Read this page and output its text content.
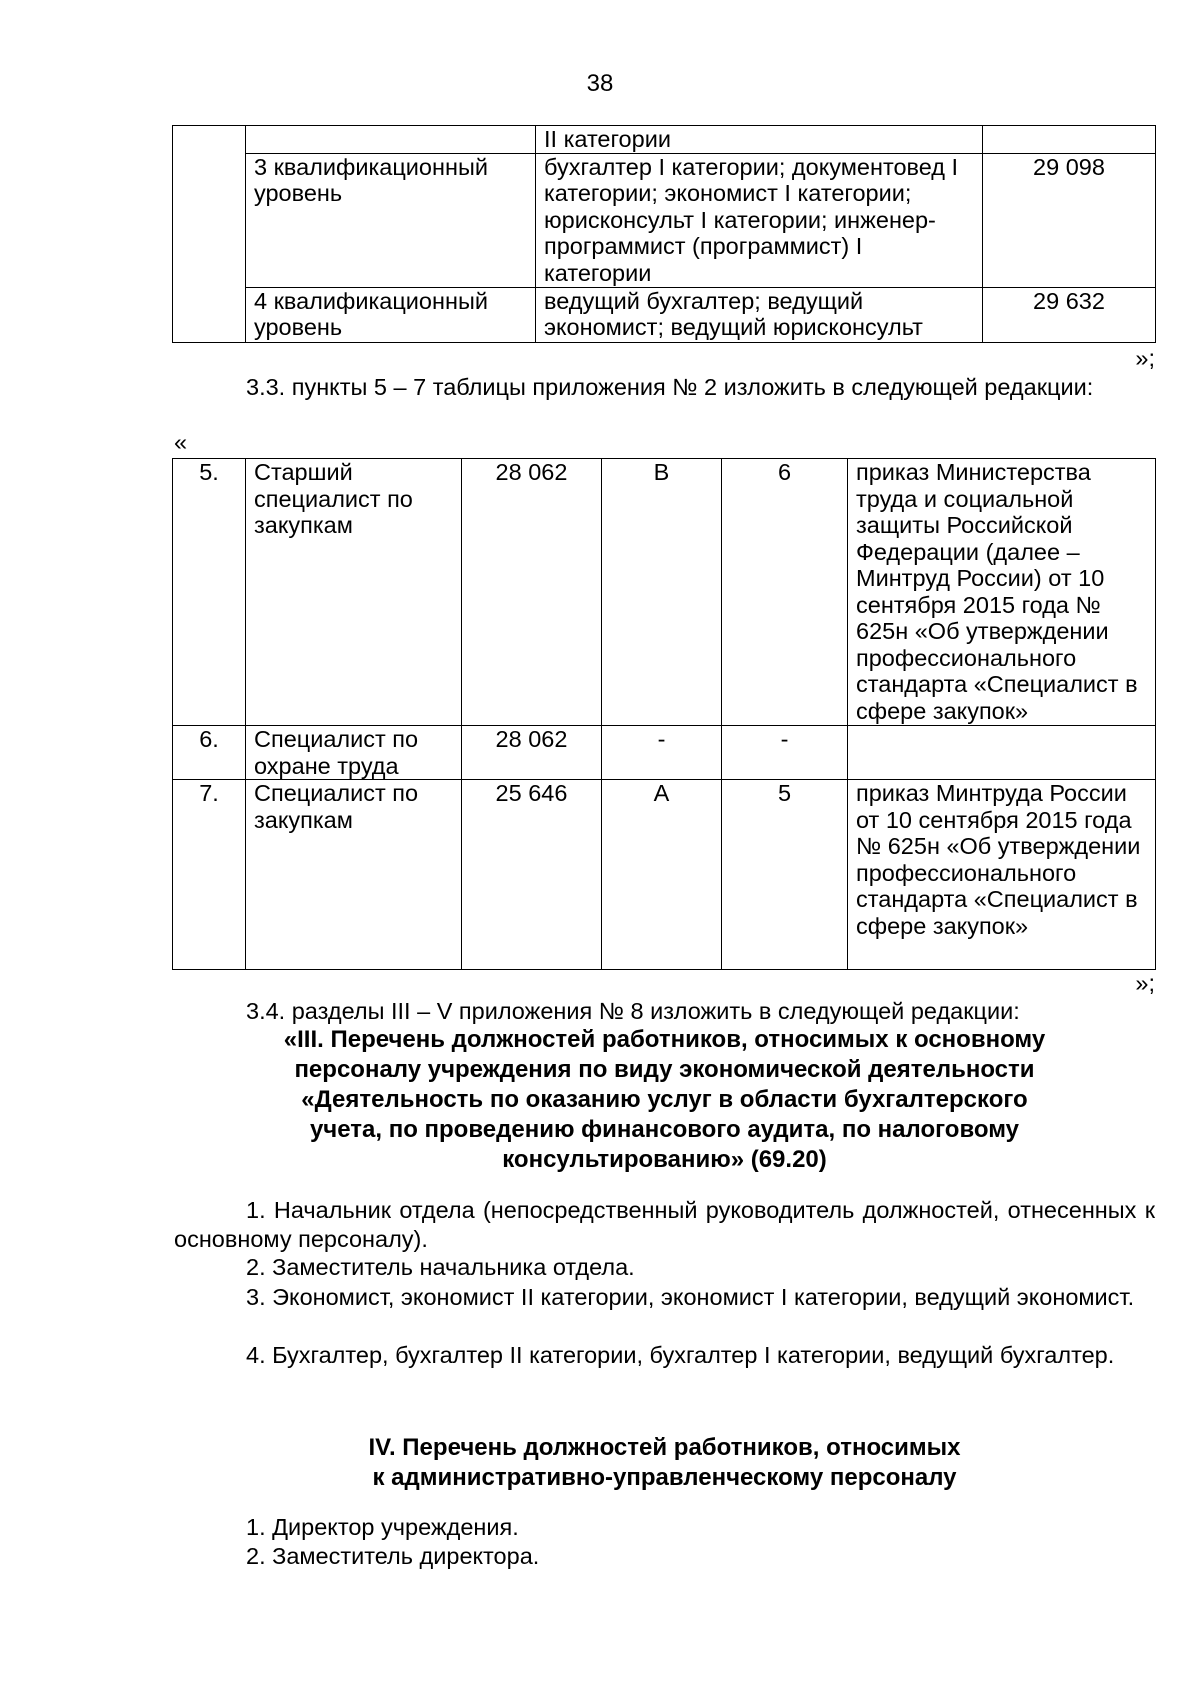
38
		II категории	
	3 квалификационный уровень	бухгалтер I категории; документовед I категории; экономист I категории; юрисконсульт I категории; инженер-программист (программист) I категории	29 098
	4 квалификационный уровень	ведущий бухгалтер; ведущий экономист; ведущий юрисконсульт	29 632
»;
3.3. пункты 5 – 7 таблицы приложения № 2 изложить в следующей редакции:
«
5.	Старший специалист по закупкам	28 062	В	6	приказ Министерства труда и социальной защиты Российской Федерации (далее – Минтруд России) от 10 сентября 2015 года № 625н «Об утверждении профессионального стандарта «Специалист в сфере закупок»
6.	Специалист по охране труда	28 062	-	-	
7.	Специалист по закупкам	25 646	А	5	приказ Минтруда России от 10 сентября 2015 года № 625н «Об утверждении профессионального стандарта «Специалист в сфере закупок»
»;
3.4. разделы III – V приложения № 8 изложить в следующей редакции:
«III. Перечень должностей работников, относимых к основному
персоналу учреждения по виду экономической деятельности
«Деятельность по оказанию услуг в области бухгалтерского
учета, по проведению финансового аудита, по налоговому
консультированию» (69.20)
1. Начальник отдела (непосредственный руководитель должностей, отнесенных к основному персоналу).
2. Заместитель начальника отдела.
3. Экономист, экономист II категории, экономист I категории, ведущий экономист.
4. Бухгалтер, бухгалтер II категории, бухгалтер I категории, ведущий бухгалтер.
IV. Перечень должностей работников, относимых
к административно-управленческому персоналу
1. Директор учреждения.
2. Заместитель директора.
